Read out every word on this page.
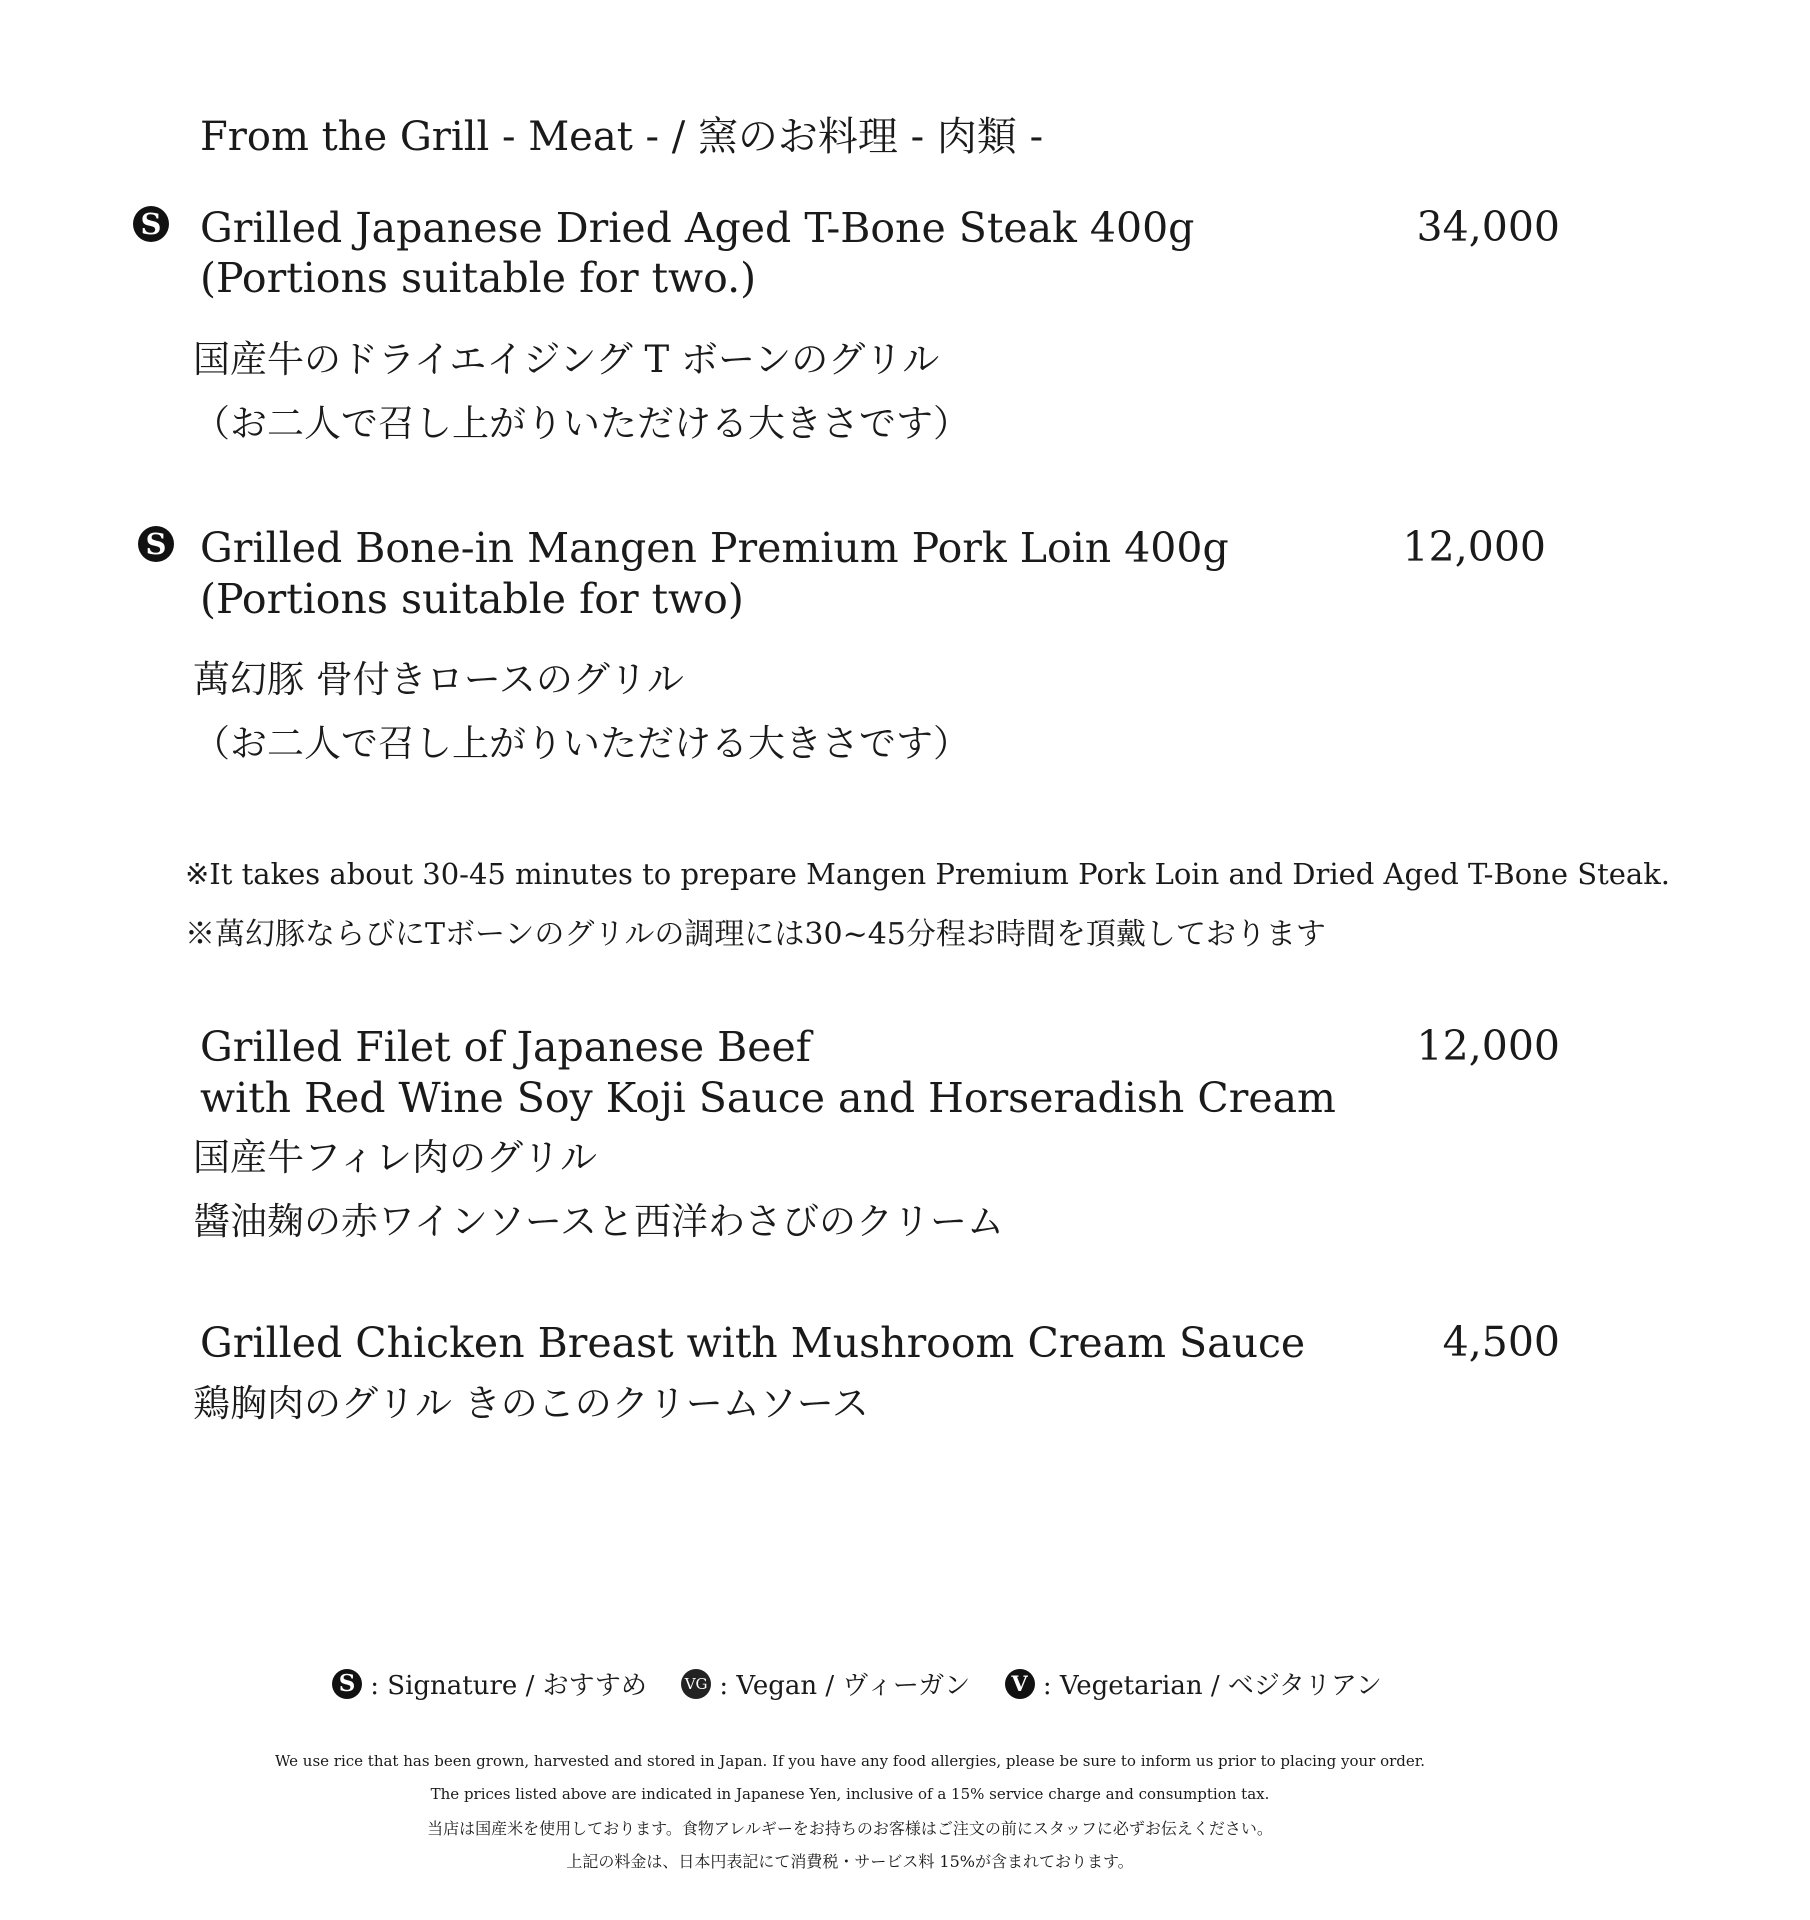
From the Grill - Meat - / 窯のお料理 - 肉類 -
S Grilled Japanese Dried Aged T-Bone Steak 400g
(Portions suitable for two.)
34,000
国産牛のドライエイジング T ボーンのグリル
（お二人で召し上がりいただける大きさです）
S Grilled Bone-in Mangen Premium Pork Loin 400g
(Portions suitable for two)
12,000
萬幻豚 骨付きロースのグリル
（お二人で召し上がりいただける大きさです）
※It takes about 30-45 minutes to prepare Mangen Premium Pork Loin and Dried Aged T-Bone Steak.
※萬幻豚ならびにTボーンのグリルの調理には30~45分程お時間を頂戴しております
Grilled Filet of Japanese Beef
with Red Wine Soy Koji Sauce and Horseradish Cream
12,000
国産牛フィレ肉のグリル
醬油麹の赤ワインソースと西洋わさびのクリーム
Grilled Chicken Breast with Mushroom Cream Sauce	4,500
鶏胸肉のグリル きのこのクリームソース
S : Signature / おすすめ	VG : Vegan / ヴィーガン V : Vegetarian / ベジタリアン
We use rice that has been grown, harvested and stored in Japan. If you have any food allergies, please be sure to inform us prior to placing your order.
The prices listed above are indicated in Japanese Yen, inclusive of a 15% service charge and consumption tax.
当店は国産米を使用しております。食物アレルギーをお持ちのお客様はご注文の前にスタッフに必ずお伝えください。
上記の料金は、日本円表記にて消費税・サービス料 15%が含まれております。
